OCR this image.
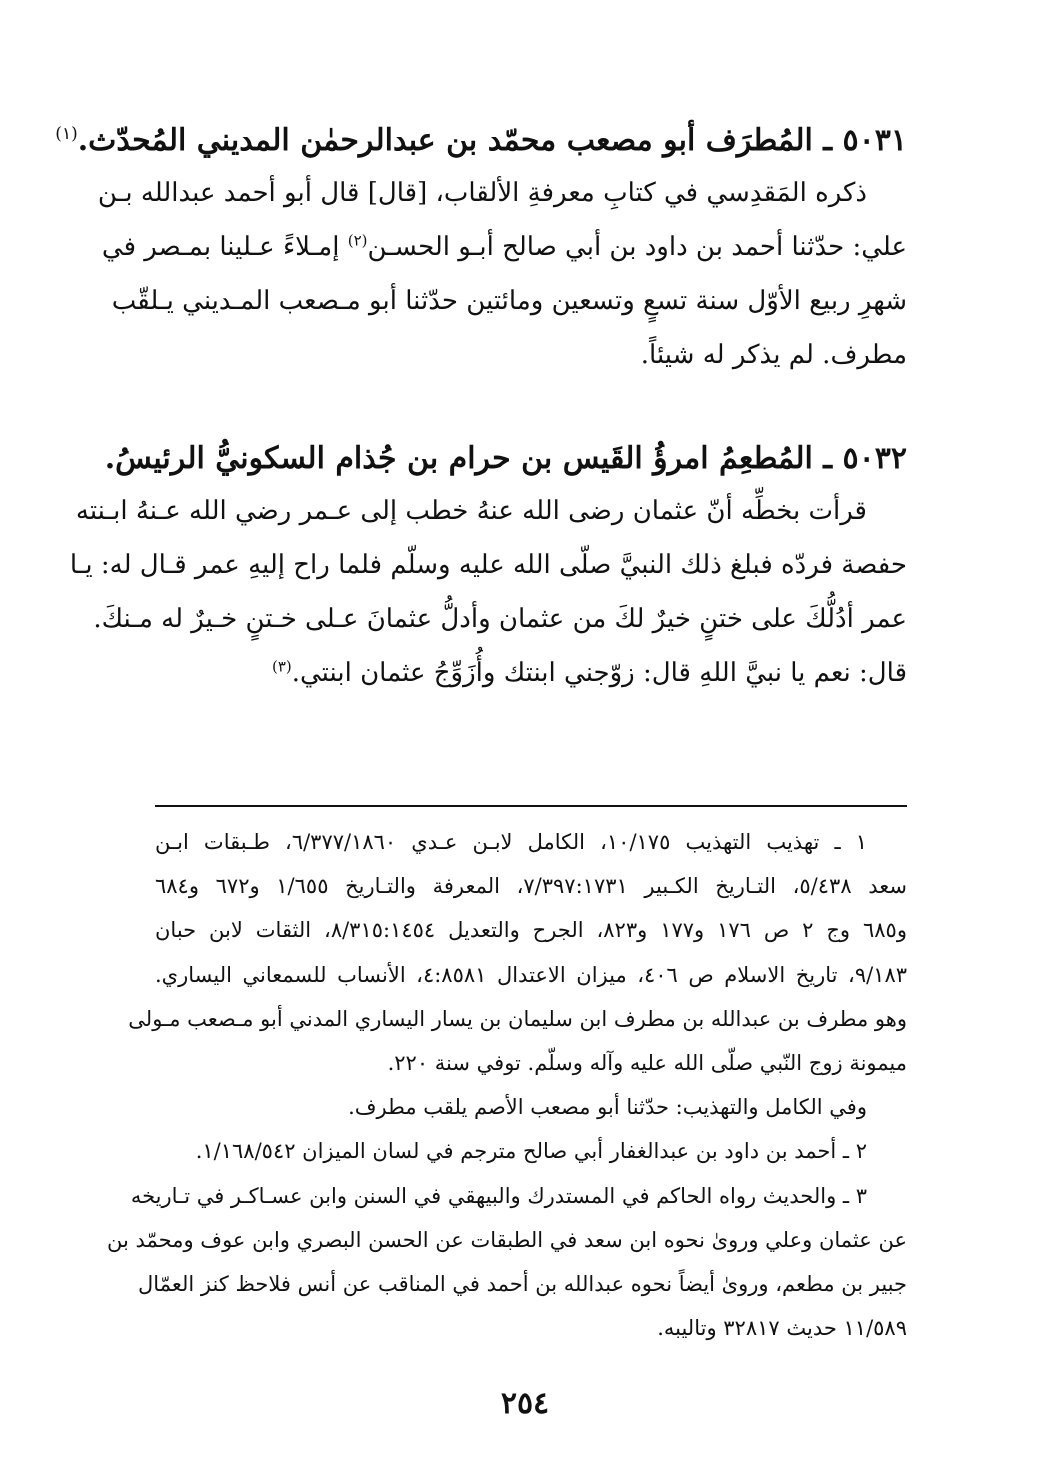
٥٠٣١ ـ المُطرَف أبو مصعب محمّد بن عبدالرحمٰن المديني المُحدّث.$^{(١)}$
ذكره المَقدِسي في كتابِ معرفةِ الألقاب، [قال] قال أبو أحمد عبدالله بـن
علي: حدّثنا أحمد بن داود بن أبي صالح أبـو الحسـن$^{(٢)}$ إمـلاءً عـلينا بمـصر في
شهرِ ربيع الأوّل سنة تسعٍ وتسعين ومائتين حدّثنا أبو مـصعب المـديني يـلقّب
مطرف. لم يذكر له شيئاً.
٥٠٣٢ ـ المُطعِمُ امرؤُ القَيس بن حرام بن جُذام السكونيُّ الرئيسُ.
قرأت بخطِّه أنّ عثمان رضى الله عنهُ خطب إلى عـمر رضي الله عـنهُ ابـنته
حفصة فردّه فبلغ ذلك النبيَّ صلّى الله عليه وسلّم فلما راح إليهِ عمر قـال له: يـا
عمر أدُلُّكَ على ختنٍ خيرٌ لكَ من عثمان وأدلُّ عثمانَ عـلى خـتنٍ خـيرٌ له مـنكَ.
قال: نعم يا نبيَّ اللهِ قال: زوّجني ابنتك وأُزَوِّجُ عثمان ابنتي.$^{(٣)}$
١ ـ تهذيب التهذيب ١٠/١٧٥، الكامل لابـن عـدي ٦/٣٧٧/١٨٦٠، طـبقات ابـن
سعد ٥/٤٣٨، التـاريخ الكـبير ٧/٣٩٧:١٧٣١، المعرفة والتـاريخ ١/٦٥٥ و٦٧٢ و٦٨٤
و٦٨٥ وج ٢ ص ١٧٦ و١٧٧ و٨٢٣، الجرح والتعديل ٨/٣١٥:١٤٥٤، الثقات لابن حبان
٩/١٨٣، تاريخ الاسلام ص ٤٠٦، ميزان الاعتدال ٤:٨٥٨١، الأنساب للسمعاني اليساري.
وهو مطرف بن عبدالله بن مطرف ابن سليمان بن يسار اليساري المدني أبو مـصعب مـولى
ميمونة زوج النّبي صلّى الله عليه وآله وسلّم. توفي سنة ٢٢٠.
وفي الكامل والتهذيب: حدّثنا أبو مصعب الأصم يلقب مطرف.
٢ ـ أحمد بن داود بن عبدالغفار أبي صالح مترجم في لسان الميزان ١/١٦٨/٥٤٢.
٣ ـ والحديث رواه الحاكم في المستدرك والبيهقي في السنن وابن عسـاكـر في تـاريخه
عن عثمان وعلي وروىٰ نحوه ابن سعد في الطبقات عن الحسن البصري وابن عوف ومحمّد بن
جبير بن مطعم، وروىٰ أيضاً نحوه عبدالله بن أحمد في المناقب عن أنس فلاحظ كنز العمّال
١١/٥٨٩ حديث ٣٢٨١٧ وتاليبه.
٢٥٤
